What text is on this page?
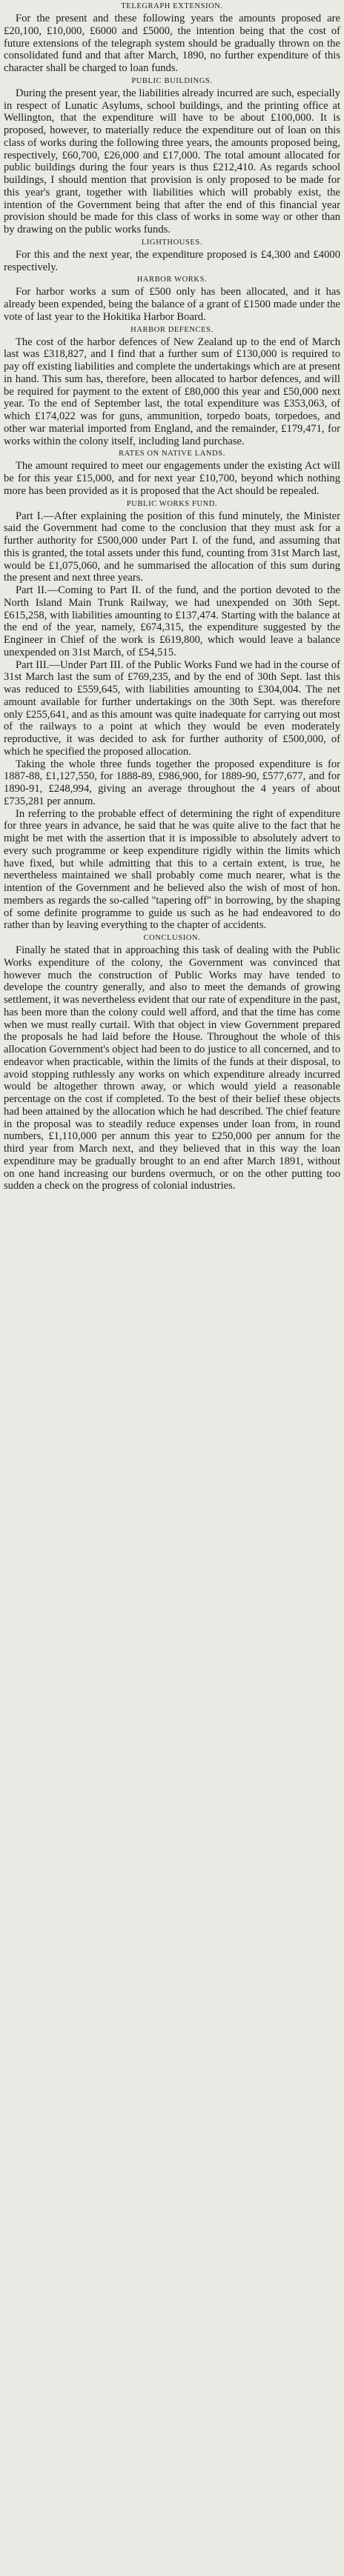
TELEGRAPH EXTENSION.

For the present and these following years the amounts proposed are £20,100, £10,000, £6000 and £5000, the intention being that the cost of future extensions of the telegraph system should be gradually thrown on the consolidated fund and that after March, 1890, no further expenditure of this character shall be charged to loan funds.

PUBLIC BUILDINGS.

During the present year, the liabilities already incurred are such, especially in respect of Lunatic Asylums, school buildings, and the printing office at Wellington, that the expenditure will have to be about £100,000. It is proposed, however, to materially reduce the expenditure out of loan on this class of works during the following three years, the amounts proposed being, respectively, £60,700, £26,000 and £17,000. The total amount allocated for public buildings during the four years is thus £212,410. As regards school buildings, I should mention that provision is only proposed to be made for this year's grant, together with liabilities which will probably exist, the intention of the Government being that after the end of this financial year provision should be made for this class of works in some way or other than by drawing on the public works funds.

LIGHTHOUSES.

For this and the next year, the expenditure proposed is £4,300 and £4000 respectively.

HARBOR WORKS.

For harbor works a sum of £500 only has been allocated, and it has already been expended, being the balance of a grant of £1500 made under the vote of last year to the Hokitika Harbor Board.

HARBOR DEFENCES.

The cost of the harbor defences of New Zealand up to the end of March last was £318,827, and I find that a further sum of £130,000 is required to pay off existing liabilities and complete the undertakings which are at present in hand. This sum has, therefore, been allocated to harbor defences, and will be required for payment to the extent of £80,000 this year and £50,000 next year. To the end of September last, the total expenditure was £353,063, of which £174,022 was for guns, ammunition, torpedo boats, torpedoes, and other war material imported from England, and the remainder, £179,471, for works within the colony itself, including land purchase.

RATES ON NATIVE LANDS.

The amount required to meet our engagements under the existing Act will be for this year £15,000, and for next year £10,700, beyond which nothing more has been provided as it is proposed that the Act should be repealed.

PUBLIC WORKS FUND.

Part I.—After explaining the position of this fund minutely, the Minister said the Government had come to the conclusion that they must ask for a further authority for £500,000 under Part I. of the fund, and assuming that this is granted, the total assets under this fund, counting from 31st March last, would be £1,075,060, and he summarised the allocation of this sum during the present and next three years.

Part II.—Coming to Part II. of the fund, and the portion devoted to the North Island Main Trunk Railway, we had unexpended on 30th Sept. £615,258, with liabilities amounting to £137,474. Starting with the balance at the end of the year, namely, £674,315, the expenditure suggested by the Engineer in Chief of the work is £619,800, which would leave a balance unexpended on 31st March, of £54,515.

Part III.—Under Part III. of the Public Works Fund we had in the course of 31st March last the sum of £769,235, and by the end of 30th Sept. last this was reduced to £559,645, with liabilities amounting to £304,004. The net amount available for further undertakings on the 30th Sept. was therefore only £255,641, and as this amount was quite inadequate for carrying out most of the railways to a point at which they would be even moderately reproductive, it was decided to ask for further authority of £500,000, of which he specified the proposed allocation.

Taking the whole three funds together the proposed expenditure is for 1887-88, £1,127,550, for 1888-89, £986,900, for 1889-90, £577,677, and for 1890-91, £248,994, giving an average throughout the 4 years of about £735,281 per annum.

In referring to the probable effect of determining the right of expenditure for three years in advance, he said that he was quite alive to the fact that he might be met with the assertion that it is impossible to absolutely advert to every such programme or keep expenditure rigidly within the limits which have fixed, but while admitting that this to a certain extent, is true, he nevertheless maintained we shall probably come much nearer, what is the intention of the Government and he believed also the wish of most of hon. members as regards the so-called "tapering off" in borrowing, by the shaping of some definite programme to guide us such as he had endeavored to do rather than by leaving everything to the chapter of accidents.

CONCLUSION.

Finally he stated that in approaching this task of dealing with the Public Works expenditure of the colony, the Government was convinced that however much the construction of Public Works may have tended to develope the country generally, and also to meet the demands of growing settlement, it was nevertheless evident that our rate of expenditure in the past, has been more than the colony could well afford, and that the time has come when we must really curtail. With that object in view Government prepared the proposals he had laid before the House. Throughout the whole of this allocation Government's object had been to do justice to all concerned, and to endeavor when practicable, within the limits of the funds at their disposal, to avoid stopping ruthlessly any works on which expenditure already incurred would be altogether thrown away, or which would yield a reasonable percentage on the cost if completed. To the best of their belief these objects had been attained by the allocation which he had described. The chief feature in the proposal was to steadily reduce expenses under loan from, in round numbers, £1,110,000 per annum this year to £250,000 per annum for the third year from March next, and they believed that in this way the loan expenditure may be gradually brought to an end after March 1891, without on one hand increasing our burdens overmuch, or on the other putting too sudden a check on the progress of colonial industries.
